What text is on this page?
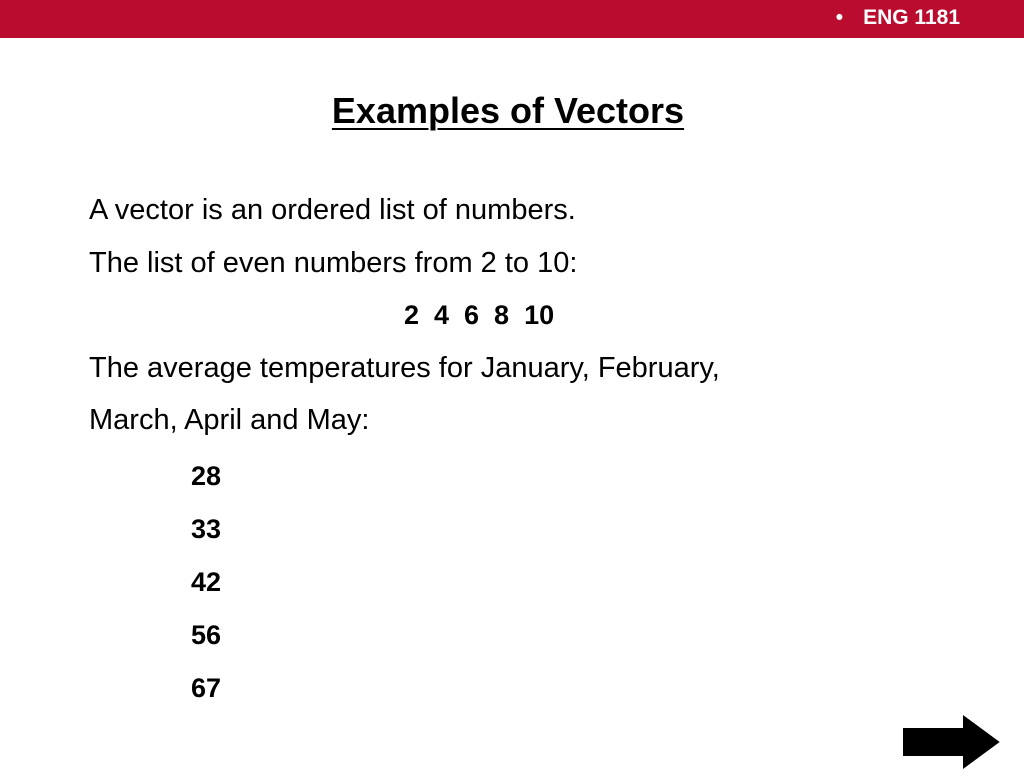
• ENG 1181
Examples of Vectors
A vector is an ordered list of numbers.
The list of even numbers from 2 to 10:
2  4  6  8  10
The average temperatures for January, February,
March, April and May:
28
33
42
56
67
